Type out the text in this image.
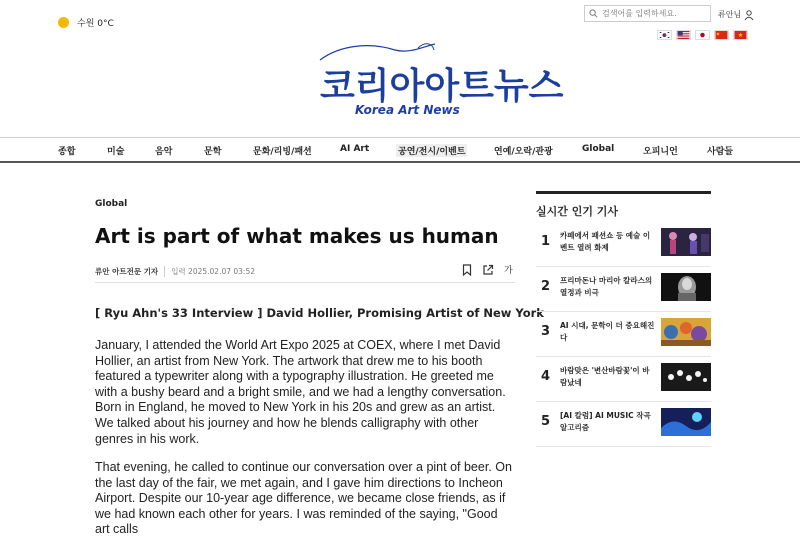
수원 0°C
검색어를 입력하세요.
류안님
코리아아트뉴스
Korea Art News
종합	미술	음악	문학	문화/리빙/패션	AI Art	공연/전시/이벤트	연예/오락/관광	Global	오피니언	사람들
Global
Art is part of what makes us human
류안 아트전문 기자	입력 2025.02.07 03:52	가
[ Ryu Ahn's 33 Interview ] David Hollier, Promising Artist of New York

January, I attended the World Art Expo 2025 at COEX, where I met David Hollier, an artist from New York. The artwork that drew me to his booth featured a typewriter along with a typography illustration. He greeted me with a bushy beard and a bright smile, and we had a lengthy conversation. Born in England, he moved to New York in his 20s and grew as an artist. We talked about his journey and how he blends calligraphy with other genres in his work.

That evening, he called to continue our conversation over a pint of beer. On the last day of the fair, we met again, and I gave him directions to Incheon Airport. Despite our 10-year age difference, we became close friends, as if we had known each other for years. I was reminded of the saying, "Good art calls

실시간 인기 기사
1 카페에서 패션쇼 등 예술 이벤트 열려 화제
2 프리마돈나 마리아 칼라스의 열정과 비극
3 AI 시대, 문학이 더 중요해진다
4 바람맞은 '변산바람꽃'이 바람났네
5 [AI 칼럼] AI MUSIC 작곡 알고리즘
